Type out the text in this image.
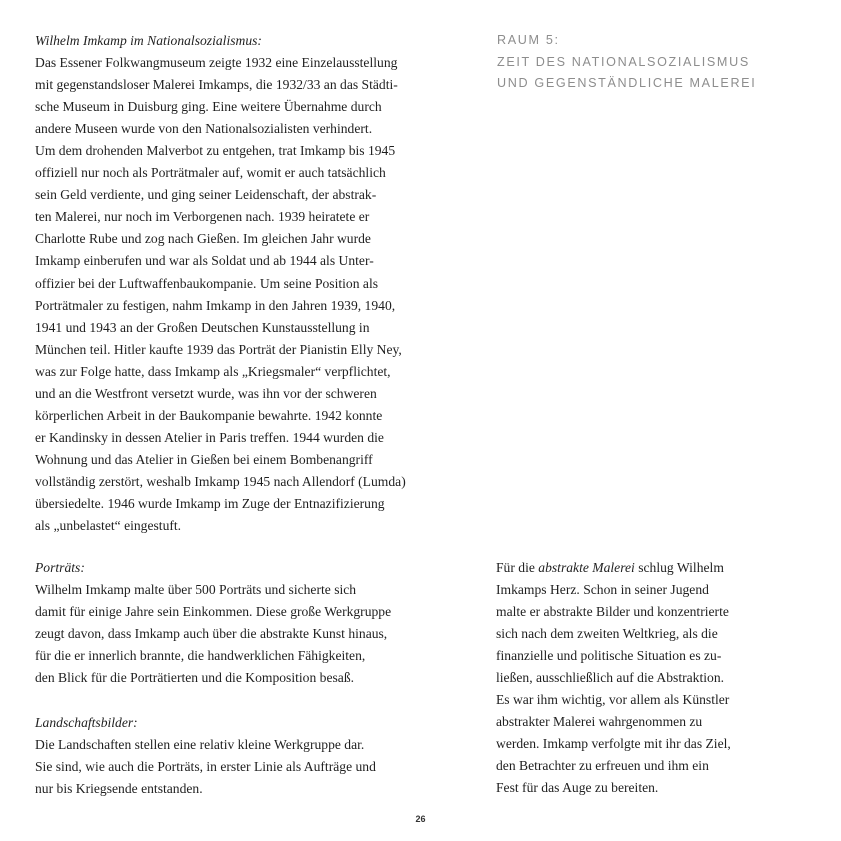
Wilhelm Imkamp im Nationalsozialismus:
Das Essener Folkwangmuseum zeigte 1932 eine Einzelausstellung
mit gegenstandsloser Malerei Imkamps, die 1932/33 an das Städti-
sche Museum in Duisburg ging. Eine weitere Übernahme durch
andere Museen wurde von den Nationalsozialisten verhindert.
Um dem drohenden Malverbot zu entgehen, trat Imkamp bis 1945
offiziell nur noch als Porträtmaler auf, womit er auch tatsächlich
sein Geld verdiente, und ging seiner Leidenschaft, der abstrak-
ten Malerei, nur noch im Verborgenen nach. 1939 heiratete er
Charlotte Rube und zog nach Gießen. Im gleichen Jahr wurde
Imkamp einberufen und war als Soldat und ab 1944 als Unter-
offizier bei der Luftwaffenbaukompanie. Um seine Position als
Porträtmaler zu festigen, nahm Imkamp in den Jahren 1939, 1940,
1941 und 1943 an der Großen Deutschen Kunstausstellung in
München teil. Hitler kaufte 1939 das Porträt der Pianistin Elly Ney,
was zur Folge hatte, dass Imkamp als „Kriegsmaler“ verpflichtet,
und an die Westfront versetzt wurde, was ihn vor der schweren
körperlichen Arbeit in der Baukompanie bewahrte. 1942 konnte
er Kandinsky in dessen Atelier in Paris treffen. 1944 wurden die
Wohnung und das Atelier in Gießen bei einem Bombenangriff
vollständig zerstört, weshalb Imkamp 1945 nach Allendorf (Lumda)
übersiedelte. 1946 wurde Imkamp im Zuge der Entnazifizierung
als „unbelastet“ eingestuft.
Porträts:
Wilhelm Imkamp malte über 500 Porträts und sicherte sich
damit für einige Jahre sein Einkommen. Diese große Werkgruppe
zeugt davon, dass Imkamp auch über die abstrakte Kunst hinaus,
für die er innerlich brannte, die handwerklichen Fähigkeiten,
den Blick für die Porträtierten und die Komposition besaß.
Landschaftsbilder:
Die Landschaften stellen eine relativ kleine Werkgruppe dar.
Sie sind, wie auch die Porträts, in erster Linie als Aufträge und
nur bis Kriegsende entstanden.
RAUM 5:
ZEIT DES NATIONALSOZIALISMUS
UND GEGENSTÄNDLICHE MALEREI
Für die abstrakte Malerei schlug Wilhelm
Imkamps Herz. Schon in seiner Jugend
malte er abstrakte Bilder und konzentrierte
sich nach dem zweiten Weltkrieg, als die
finanzielle und politische Situation es zu-
ließen, ausschließlich auf die Abstraktion.
Es war ihm wichtig, vor allem als Künstler
abstrakter Malerei wahrgenommen zu
werden. Imkamp verfolgte mit ihr das Ziel,
den Betrachter zu erfreuen und ihm ein
Fest für das Auge zu bereiten.
26
